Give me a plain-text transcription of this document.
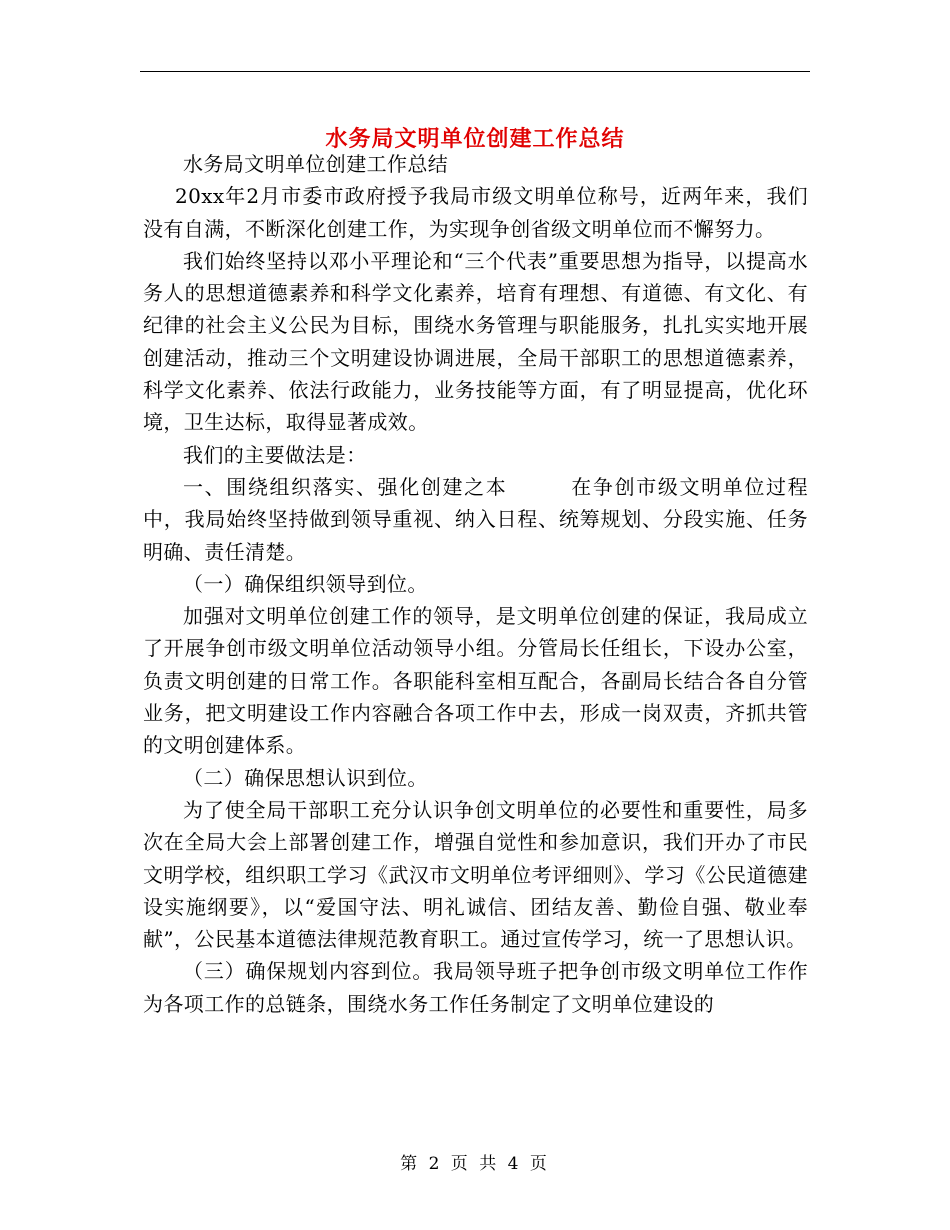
水务局文明单位创建工作总结

水务局文明单位创建工作总结

20xx年2月市委市政府授予我局市级文明单位称号，近两年来，我们没有自满，不断深化创建工作，为实现争创省级文明单位而不懈努力。

我们始终坚持以邓小平理论和“三个代表”重要思想为指导，以提高水务人的思想道德素养和科学文化素养，培育有理想、有道德、有文化、有纪律的社会主义公民为目标，围绕水务管理与职能服务，扎扎实实地开展创建活动，推动三个文明建设协调进展，全局干部职工的思想道德素养，科学文化素养、依法行政能力，业务技能等方面，有了明显提高，优化环境，卫生达标，取得显著成效。

我们的主要做法是：

一、围绕组织落实、强化创建之本        在争创市级文明单位过程中，我局始终坚持做到领导重视、纳入日程、统筹规划、分段实施、任务明确、责任清楚。

（一）确保组织领导到位。

加强对文明单位创建工作的领导，是文明单位创建的保证，我局成立了开展争创市级文明单位活动领导小组。分管局长任组长，下设办公室，负责文明创建的日常工作。各职能科室相互配合，各副局长结合各自分管业务，把文明建设工作内容融合各项工作中去，形成一岗双责，齐抓共管的文明创建体系。

（二）确保思想认识到位。

为了使全局干部职工充分认识争创文明单位的必要性和重要性，局多次在全局大会上部署创建工作，增强自觉性和参加意识，我们开办了市民文明学校，组织职工学习《武汉市文明单位考评细则》、学习《公民道德建设实施纲要》，以“爱国守法、明礼诚信、团结友善、勤俭自强、敬业奉献”，公民基本道德法律规范教育职工。通过宣传学习，统一了思想认识。

（三）确保规划内容到位。我局领导班子把争创市级文明单位工作作为各项工作的总链条，围绕水务工作任务制定了文明单位建设的

第 2 页 共 4 页
